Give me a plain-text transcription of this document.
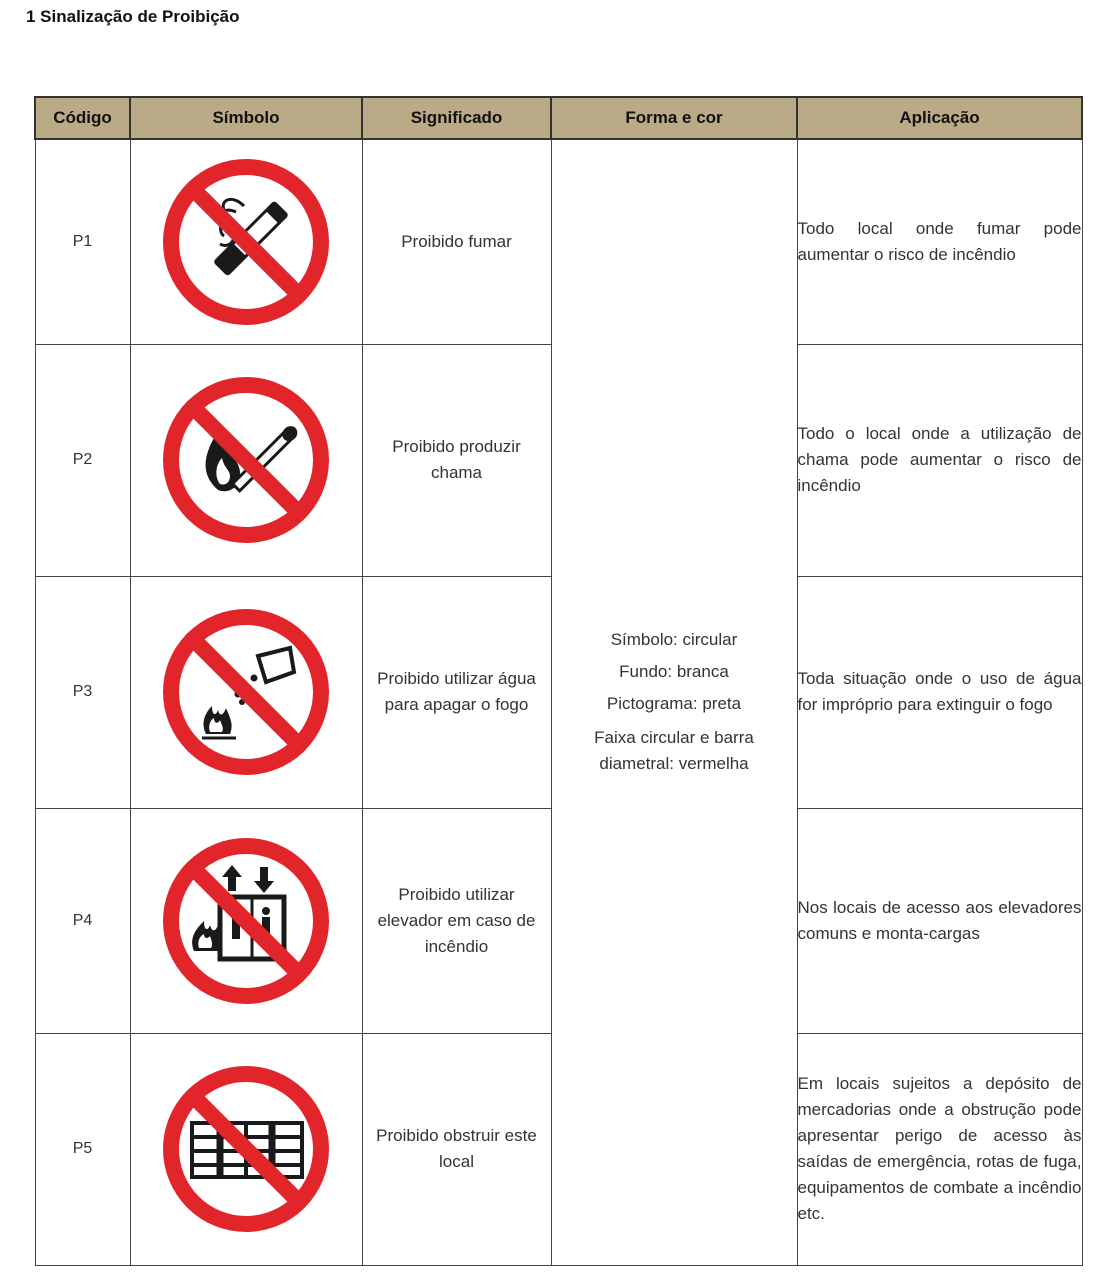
1 Sinalização de Proibição
Código	Símbolo	Significado	Forma e cor	Aplicação
P1		Proibido fumar	Símbolo: circular
Fundo: branca
Pictograma: preta
Faixa circular e barra diametral: vermelha	Todo local onde fumar pode aumentar o risco de incêndio
P2		Proibido produzir chama		Todo o local onde a utilização de chama pode aumentar o risco de incêndio
P3		Proibido utilizar água para apagar o fogo		Toda situação onde o uso de água for impróprio para extinguir o fogo
P4		Proibido utilizar elevador em caso de incêndio		Nos locais de acesso aos elevadores comuns e monta-cargas
P5		Proibido obstruir este local		Em locais sujeitos a depósito de mercadorias onde a obstrução pode apresentar perigo de acesso às saídas de emergência, rotas de fuga, equipamentos de combate a incêndio etc.
